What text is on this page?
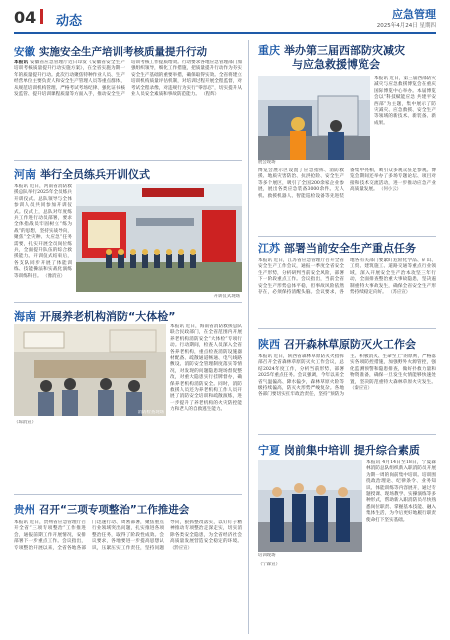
04 动态	应急管理
2025年4月24日 星期四
安徽 实施安全生产培训考核质量提升行动
本报讯 安徽省应急管理厅近日印发《安徽省安全生产培训考核质量提升行动实施方案》，在全省实施为期一年的质量提升行动。此次行动聚焦特种作业人员、生产经营单位主要负责人和安全生产管理人员等重点群体，从规范培训机构管理、严格考试考场纪律、强化证书核发监管、提升培训课程质量等方面入手，推动安全生产培训考核工作提质增效。行动要求各地应急管理部门加强组织领导，细化工作措施，把质量提升行动作为夯实安全生产基础的重要举措，确保取得实效。全省将建立培训机构质量评估机制，对培训过程开展全程监督，对考试全程录像，对违规行为实行“零容忍”，切实提升从业人员安全素质和事故防范能力。 （程辉）
河南 举行全员练兵开训仪式
本报讯 近日，河南省消防救援总队举行2025年全员练兵开训仪式。总队领导与全体参训人员共同参加开训仪式。仪式上，总队对年度练兵工作进行动员部署，要求全体指战员牢固树立“练为战”的思想，坚持实战导向，聚焦“全灾种、大应急”任务需要，扎实开展全员岗位练兵，全面提升队伍的综合救援能力。开训仪式结束后，各支队同步开展了体能训练、技能操法和实战化演练等训练科目。 （豫消宣）
开训仪式现场
海南 开展养老机构消防“大体检”
本报讯 近日，海南省消防救援总队联合民政部门，在全省范围内开展养老机构消防安全“大体检”专项行动。行动期间，检查人员深入全省各养老机构，重点检查消防设施器材配备、疏散通道畅通、电气线路敷设、消防安全管理制度落实等情况，对发现的问题隐患现场督促整改，对重大隐患实行挂牌督办，确保养老机构消防安全。同时，消防救援人员还为养老机构工作人员开展了消防安全培训和疏散演练，进一步提升了养老机构的火灾防控能力和老人的自救逃生能力。
（琼消宣）
消防检查现场
贵州 召开“三项专项整治”工作推进会
本报讯 近日，贵州省应急管理厅召开全省“三项专项整治”工作推进会，通报前期工作开展情况，安排部署下一步重点工作。会议指出，专项整治开展以来，全省各地各部门迅速行动、周密部署，聚焦重点行业领域突出问题，扎实推进各项整治任务，取得了阶段性成效。会议要求，各地要进一步提高思想认识，压紧压实工作责任，坚持问题导向，狠抓整改落实，以钉钉子精神推动专项整治走深走实，切实消除各类安全隐患，为全省经济社会高质量发展营造安全稳定的环境。 （黔应宣）
重庆 举办第三届西部防灾减灾
与应急救援博览会
本报讯 近日，第三届西部防灾减灾与应急救援博览会在重庆国际博览中心举办。本届博览会以“科技赋能应急 共建平安西部”为主题，集中展示了防灾减灾、应急救援、安全生产等领域的新技术、新装备、新成果。
展会现场
博览会展示区设置了应急指挥、消防救援、地质灾害防治、抗洪抢险、安全生产等多个展区，吸引了全国200余家企业参展，展出各类应急装备3000余件。无人机、救援机器人、智能巡检设备等先进装备集中亮相，吸引众多观众驻足参观。博览会期间还举办了多场专题论坛、项目对接和技术交流活动，进一步推动应急产业高质量发展。 （何小云）
江苏 部署当前安全生产重点任务
本报讯 近日，江苏省应急管理厅召开全省安全生产工作会议，通报一季度全省安全生产形势，分析研判当前安全风险，部署下一阶段重点工作。会议指出，当前全省安全生产形势总体平稳，但事故风险依然存在，必须保持清醒头脑。会议要求，各地各有关部门要紧盯危险化学品、矿山、工贸、建筑施工、道路交通等重点行业领域，深入开展安全生产治本攻坚三年行动，全面排查整治重大事故隐患，坚决遏制重特大事故发生，确保全省安全生产形势持续稳定向好。 （苏应宣）
陕西 召开森林草原防灭火工作会
本报讯 近日，陕西省森林草原防灭火指挥部召开全省森林草原防灭火工作会议，总结2024年度工作，分析当前形势，部署2025年重点任务。会议强调，今年以来全省气温偏高、降水偏少，森林草原火险等级持续偏高，防灭火形势严峻复杂。各地各部门要切实扛牢政治责任，坚持“预防为主、积极消灭、生命至上”的原则，严格落实各项防控措施，加强野外火源管控，强化监测预警和隐患排查，做好扑救力量和物资准备，确保一旦发生火情能够快速处置，坚决防范重特大森林草原火灾发生。 （秦应宣）
宁夏 岗前集中培训 提升综合素质
本报讯 4月14日至18日，宁夏森林消防总队组织新入职消防员开展为期一周的岗前集中培训。培训围绕政治理论、纪律条令、业务知识、体能训练等内容展开，通过专题授课、现场教学、实操演练等多种形式，帮助新入职消防员尽快熟悉岗位职责、掌握基本技能、融入集体生活，为今后更好地履行职责使命打下坚实基础。
培训现场
（宁森宣）
